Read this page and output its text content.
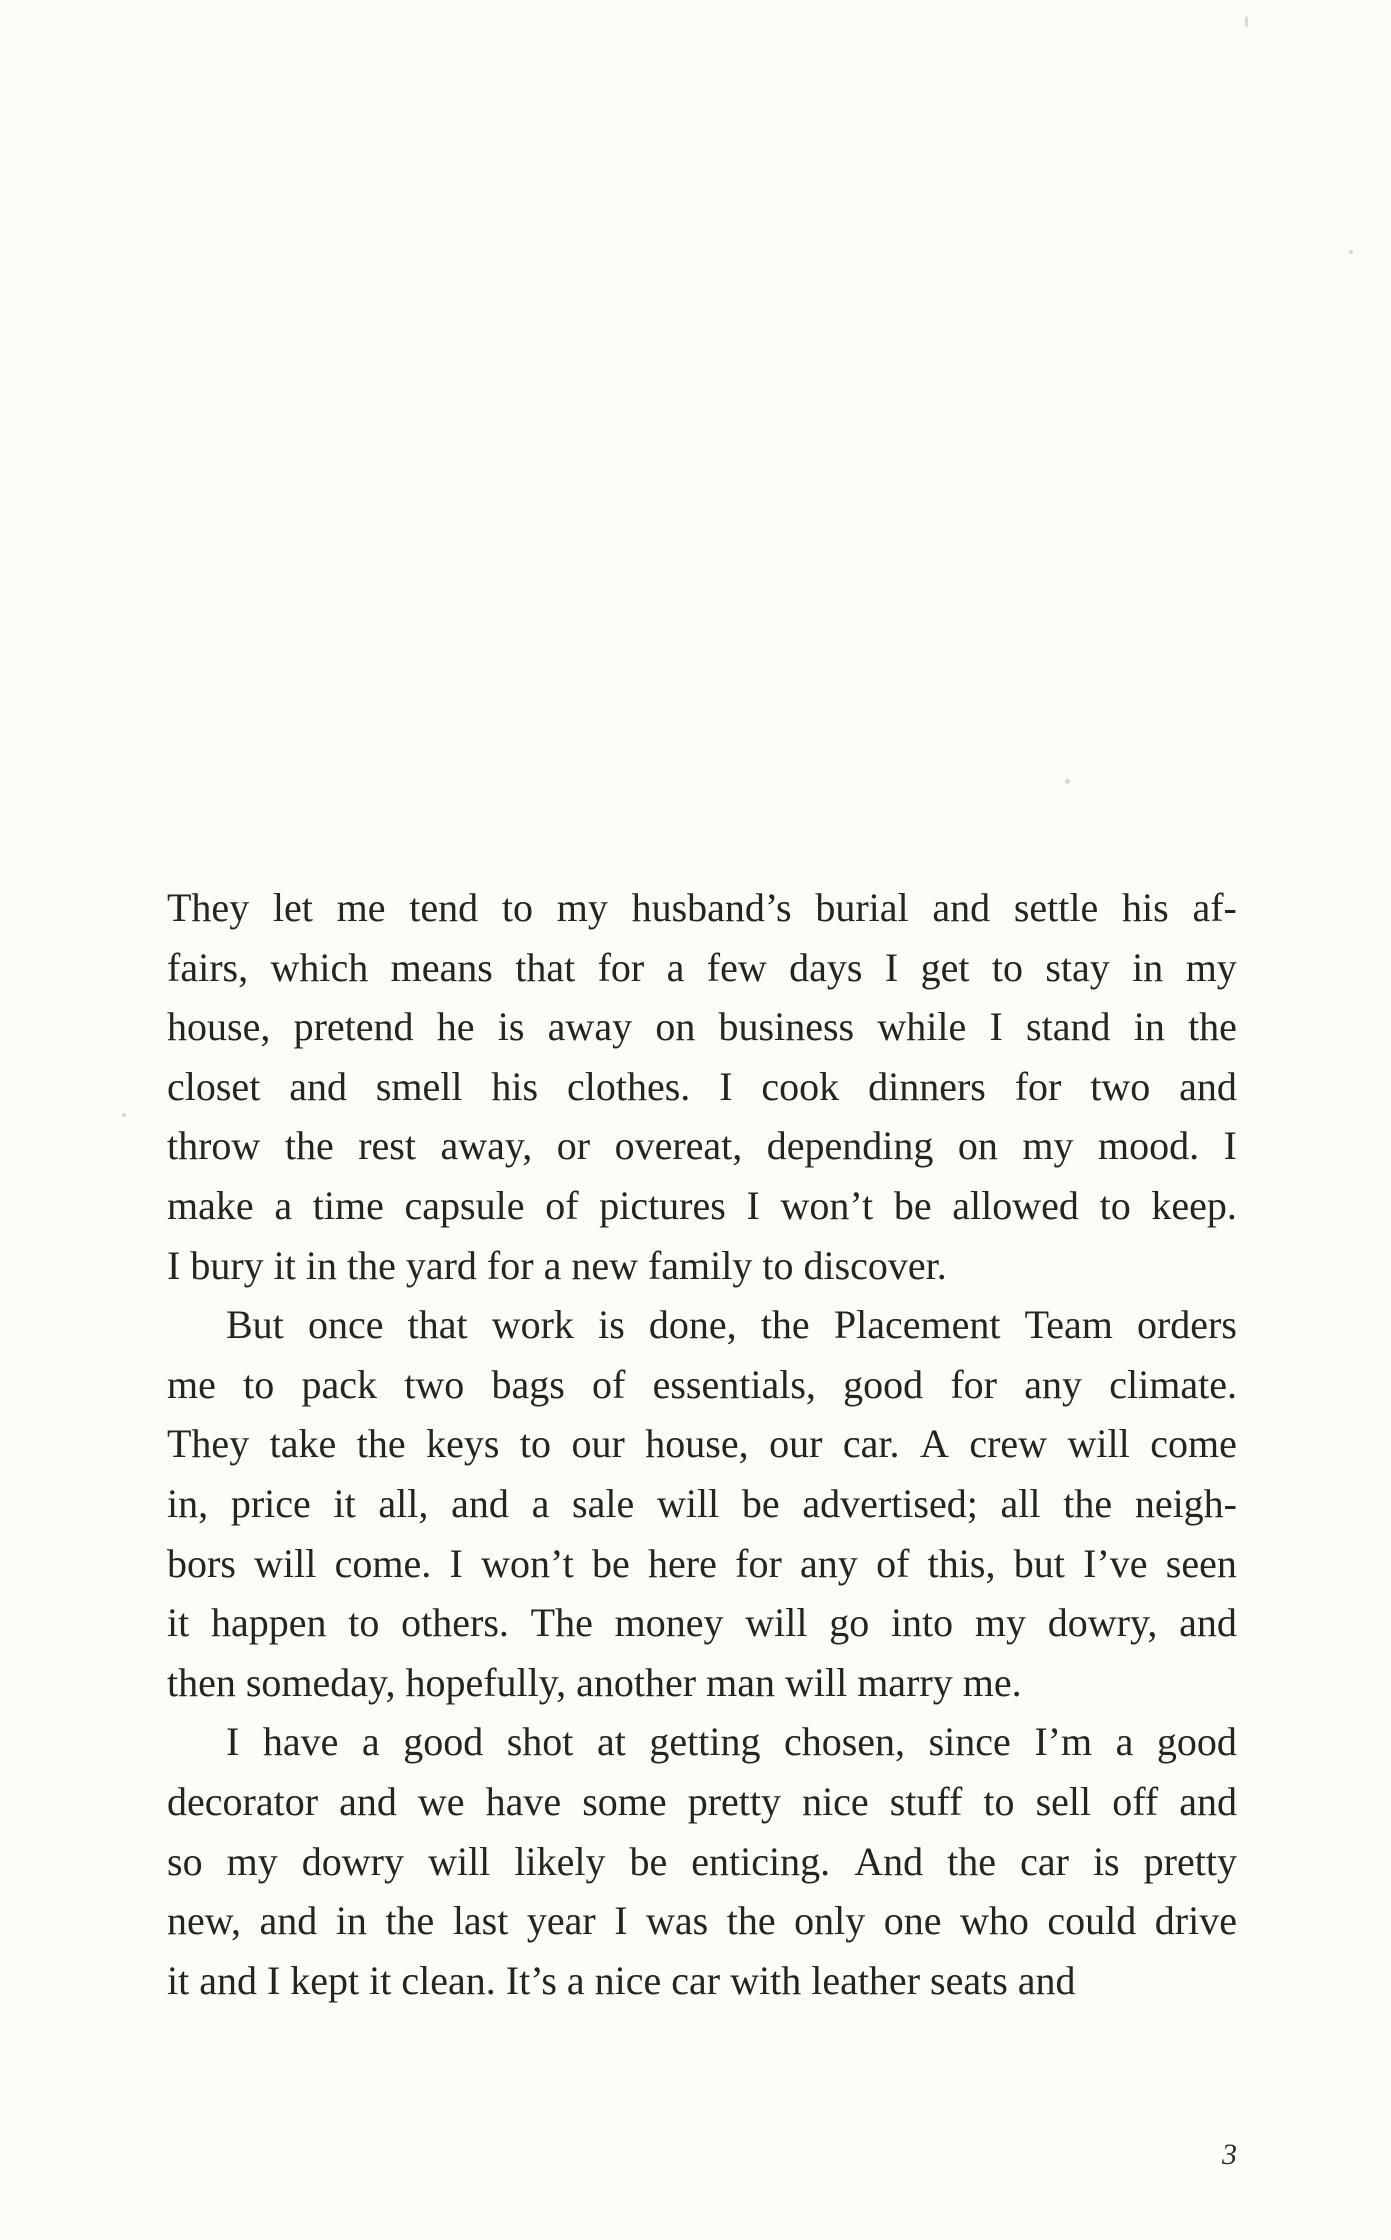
They let me tend to my husband’s burial and settle his af-
fairs, which means that for a few days I get to stay in my
house, pretend he is away on business while I stand in the
closet and smell his clothes. I cook dinners for two and
throw the rest away, or overeat, depending on my mood. I
make a time capsule of pictures I won’t be allowed to keep.
I bury it in the yard for a new family to discover.
But once that work is done, the Placement Team orders
me to pack two bags of essentials, good for any climate.
They take the keys to our house, our car. A crew will come
in, price it all, and a sale will be advertised; all the neigh-
bors will come. I won’t be here for any of this, but I’ve seen
it happen to others. The money will go into my dowry, and
then someday, hopefully, another man will marry me.
I have a good shot at getting chosen, since I’m a good
decorator and we have some pretty nice stuff to sell off and
so my dowry will likely be enticing. And the car is pretty
new, and in the last year I was the only one who could drive
it and I kept it clean. It’s a nice car with leather seats and
3
